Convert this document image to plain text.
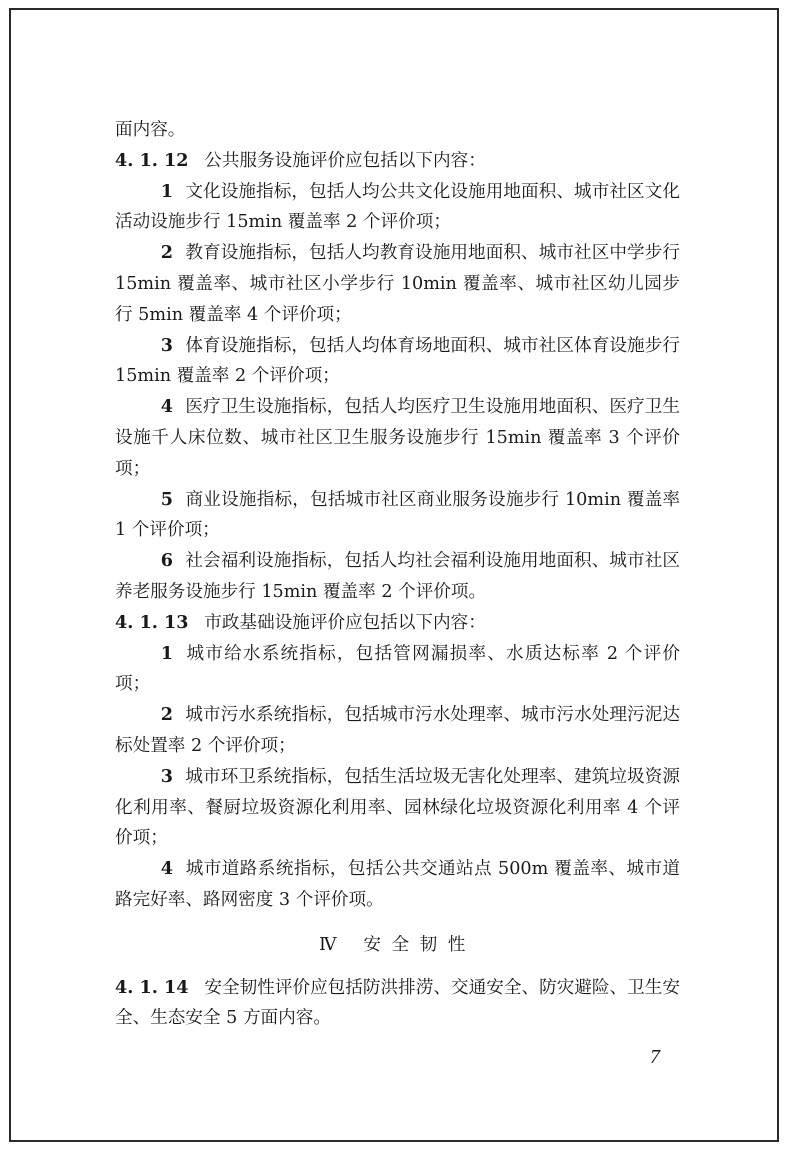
面内容。

4. 1. 12 公共服务设施评价应包括以下内容：

1 文化设施指标，包括人均公共文化设施用地面积、城市社区文化活动设施步行 15min 覆盖率 2 个评价项；

2 教育设施指标，包括人均教育设施用地面积、城市社区中学步行 15min 覆盖率、城市社区小学步行 10min 覆盖率、城市社区幼儿园步行 5min 覆盖率 4 个评价项；

3 体育设施指标，包括人均体育场地面积、城市社区体育设施步行 15min 覆盖率 2 个评价项；

4 医疗卫生设施指标，包括人均医疗卫生设施用地面积、医疗卫生设施千人床位数、城市社区卫生服务设施步行 15min 覆盖率 3 个评价项；

5 商业设施指标，包括城市社区商业服务设施步行 10min 覆盖率 1 个评价项；

6 社会福利设施指标，包括人均社会福利设施用地面积、城市社区养老服务设施步行 15min 覆盖率 2 个评价项。

4. 1. 13 市政基础设施评价应包括以下内容：

1 城市给水系统指标，包括管网漏损率、水质达标率 2 个评价项；

2 城市污水系统指标，包括城市污水处理率、城市污水处理污泥达标处置率 2 个评价项；

3 城市环卫系统指标，包括生活垃圾无害化处理率、建筑垃圾资源化利用率、餐厨垃圾资源化利用率、园林绿化垃圾资源化利用率 4 个评价项；

4 城市道路系统指标，包括公共交通站点 500m 覆盖率、城市道路完好率、路网密度 3 个评价项。

Ⅳ 安全韧性

4. 1. 14 安全韧性评价应包括防洪排涝、交通安全、防灾避险、卫生安全、生态安全 5 方面内容。

7
